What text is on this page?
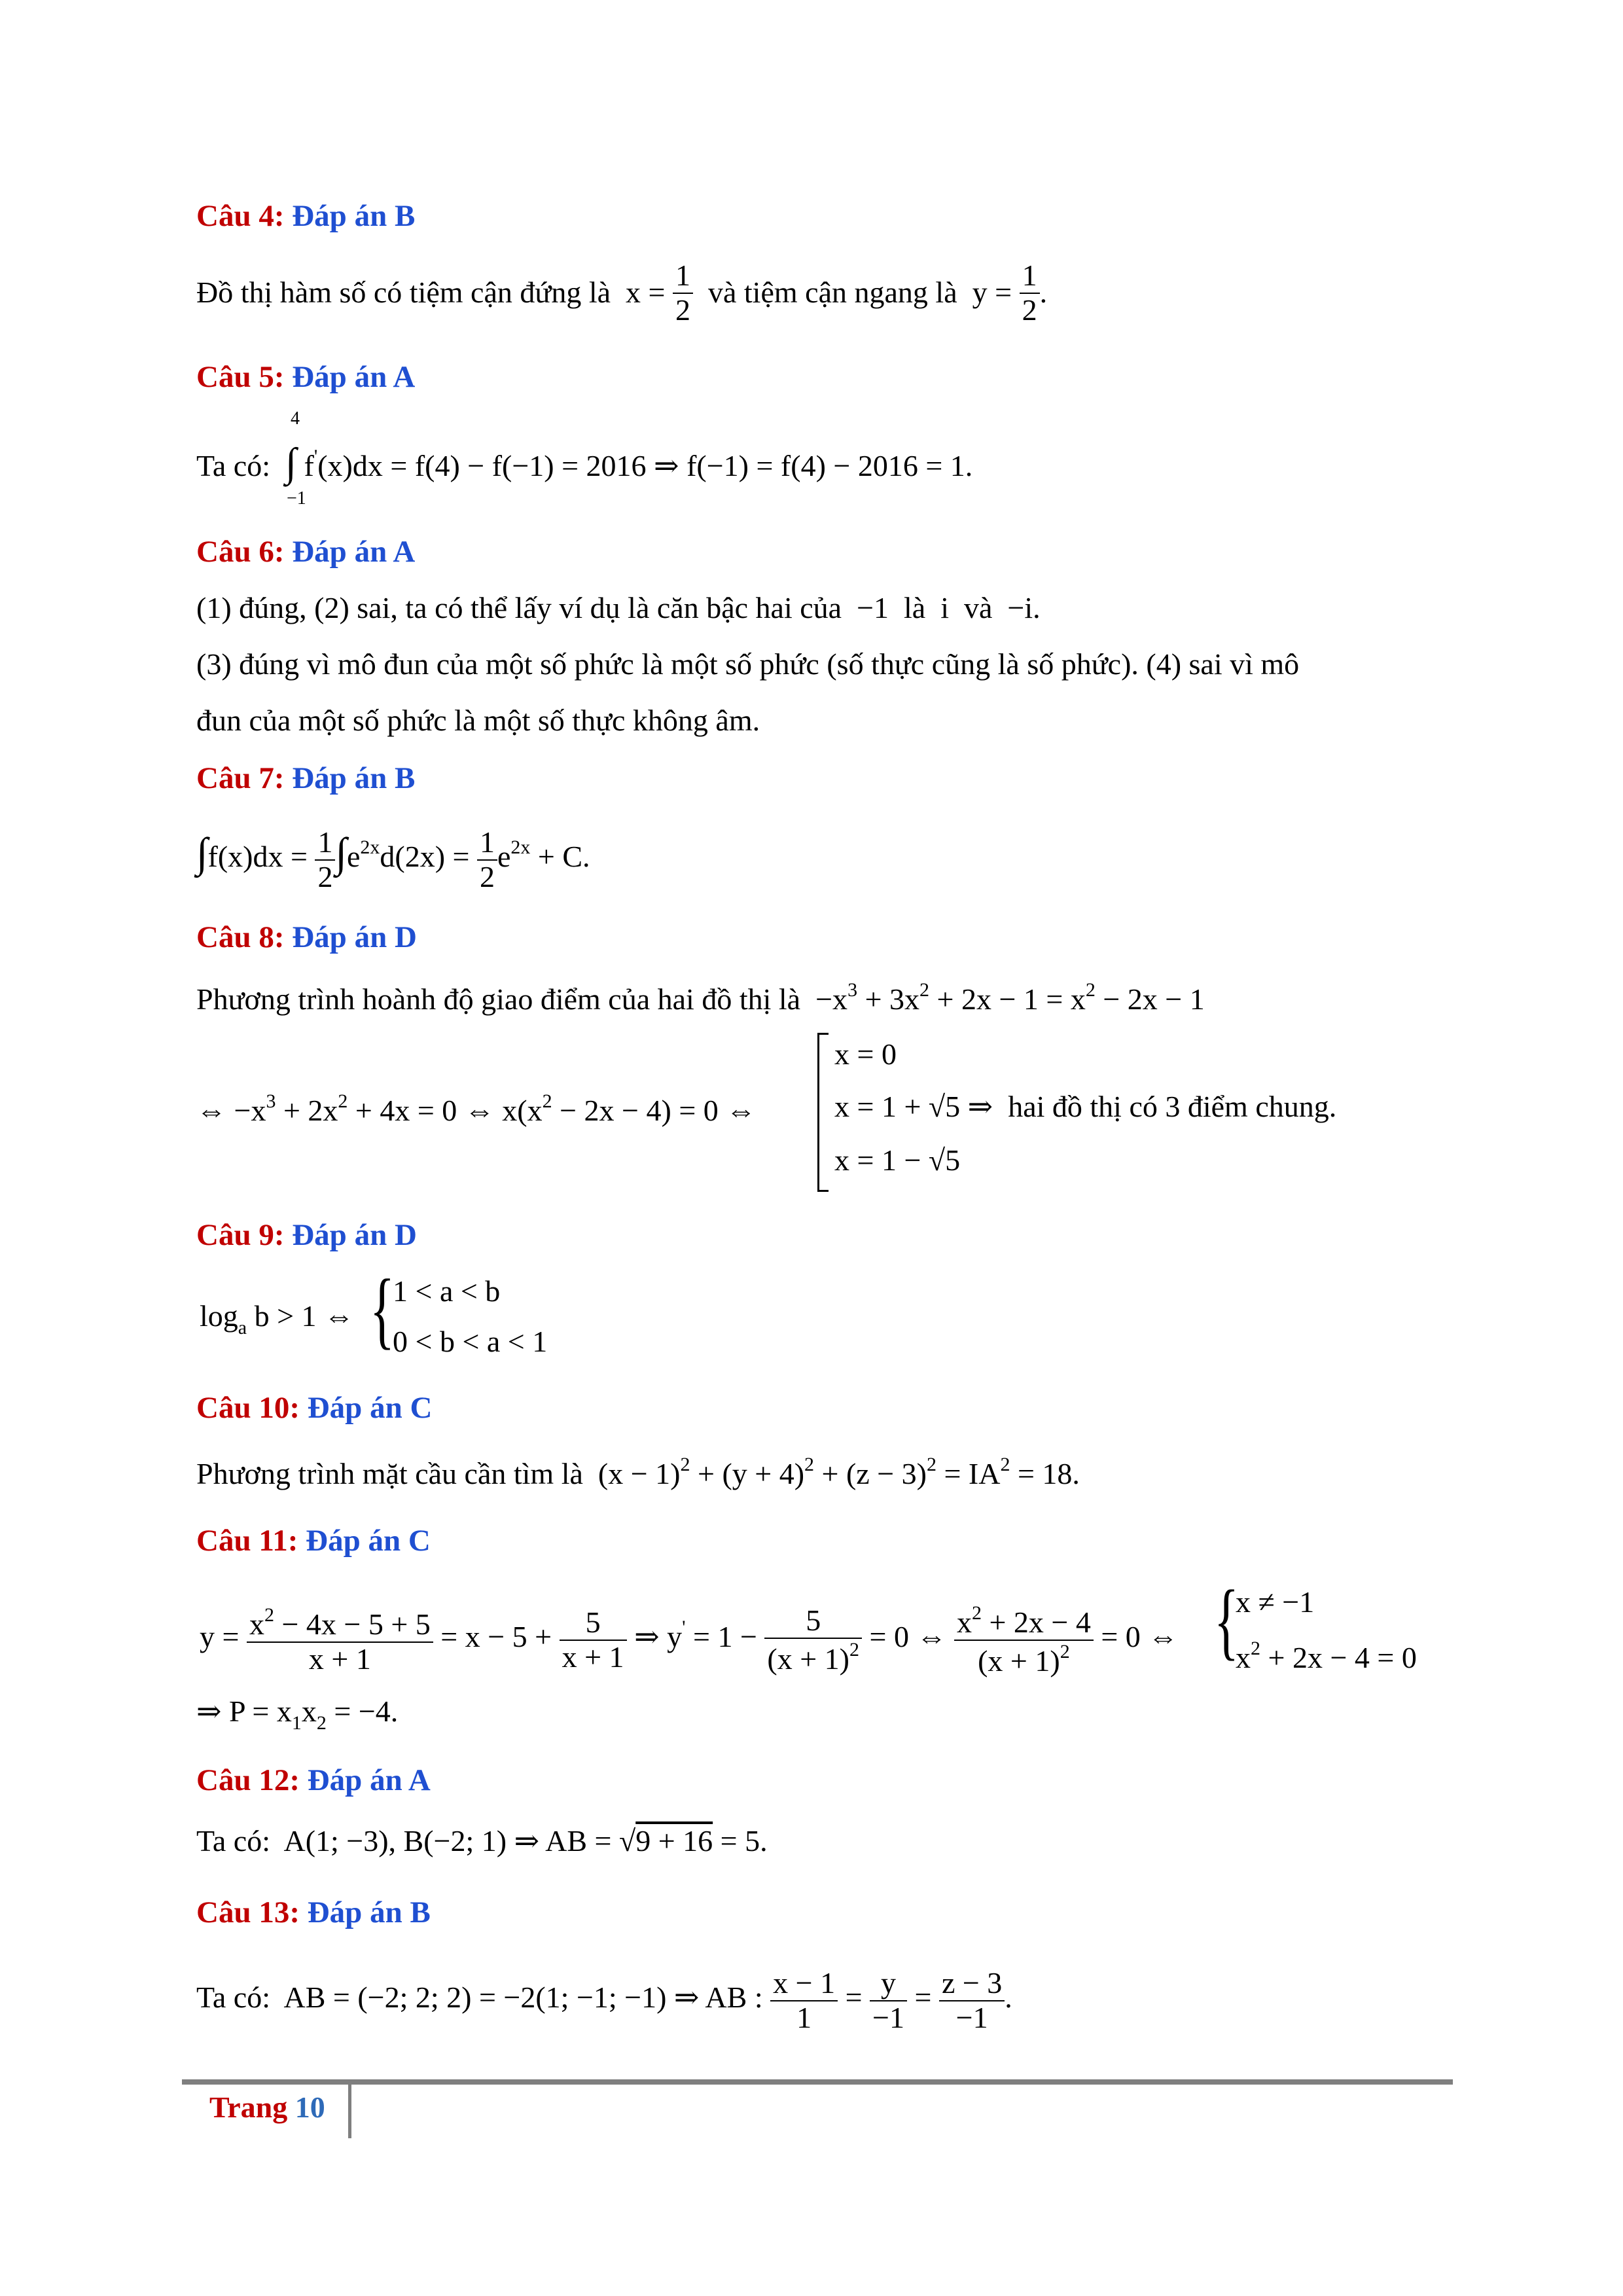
Câu 4: Đáp án B
Đồ thị hàm số có tiệm cận đứng là  $x = \frac{1}{2}$ và tiệm cận ngang là  $y = \frac{1}{2}$ .
Câu 5: Đáp án A
Ta có: ∫
4
−1
f'(x)dx = f(4) − f(−1) = 2016 ⇒ f(−1) = f(4) − 2016 = 1.
Câu 6: Đáp án A
(1) đúng, (2) sai, ta có thể lấy ví dụ là căn bậc hai của  −1  là  i  và  −i.
(3) đúng vì mô đun của một số phức là một số phức (số thực cũng là số phức). (4) sai vì mô
đun của một số phức là một số thực không âm.
Câu 7: Đáp án B
$\int f(x)dx = \frac{1}{2} \int e^{2x}d(2x) = \frac{1}{2} e^{2x} + C$.
Câu 8: Đáp án D
Phương trình hoành độ giao điểm của hai đồ thị là  $-x^3 + 3x^2 + 2x - 1 = x^2 - 2x - 1$
⇔ $-x^3 + 2x^2 + 4x = 0$ ⇔ $x(x^2 - 2x - 4) = 0$ ⇔
x = 0
x = 1 + √5 ⇒  hai đồ thị có 3 điểm chung.
x = 1 − √5
Câu 9: Đáp án D
$\log_a b > 1$ ⇔ {
1 < a < b
0 < b < a < 1
Câu 10: Đáp án C
Phương trình mặt cầu cần tìm là  $(x - 1)^2 + (y + 4)^2 + (z - 3)^2 = IA^2 = 18$.
Câu 11: Đáp án C
$y = \frac{x^2 - 4x - 5 + 5}{x + 1} = x - 5 + \frac{5}{x + 1}$ ⇒ $y' = 1 - \frac{5}{(x + 1)^2} = 0$ ⇔ $\frac{x^2 + 2x - 4}{(x + 1)^2} = 0$ ⇔ {
x ≠ −1
$x^2 + 2x - 4 = 0$
⇒ $P = x_1x_2 = -4$.
Câu 12: Đáp án A
Ta có:  A(1; −3), B(−2; 1) ⇒ AB = √9 + 16 = 5.
Câu 13: Đáp án B
Ta có:  AB = (−2; 2; 2) = −2(1; −1; −1) ⇒ AB : $\frac{x - 1}{1} = \frac{y}{-1} = \frac{z - 3}{-1}$ .
Trang 10
